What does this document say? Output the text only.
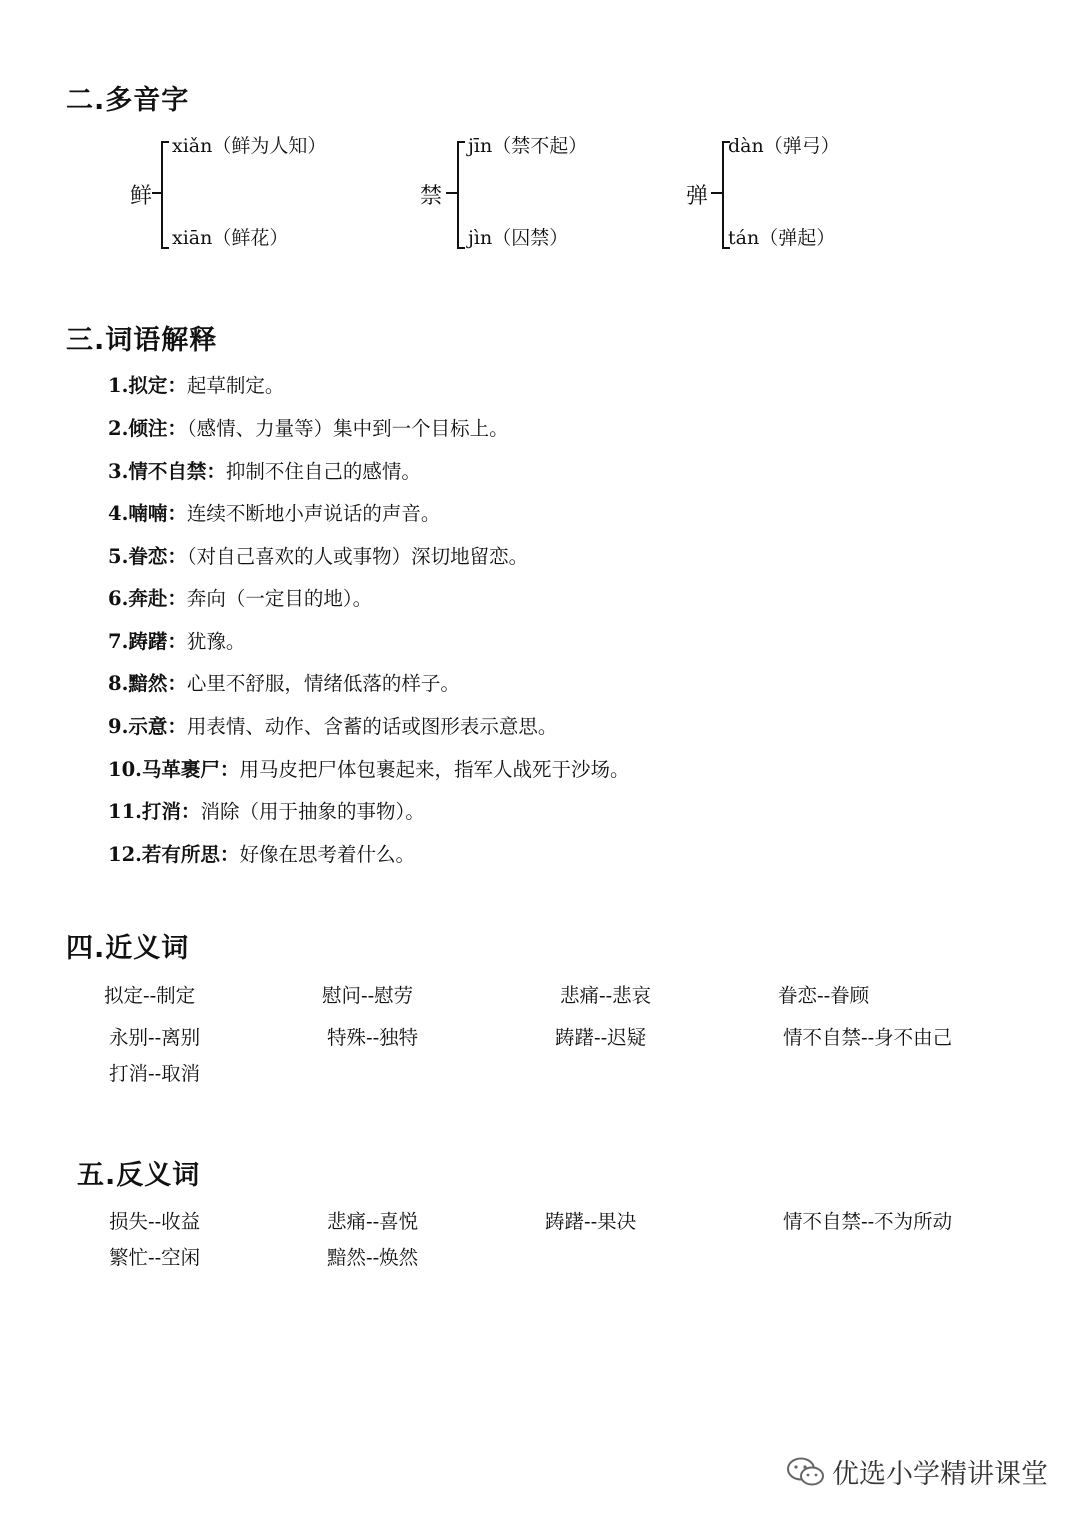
二.多音字
鲜
xiǎn（鲜为人知）
xiān（鲜花）
禁
jīn（禁不起）
jìn（囚禁）
弹
dàn（弹弓）
tán（弹起）
三.词语解释
1.拟定：起草制定。
2.倾注：（感情、力量等）集中到一个目标上。
3.情不自禁：抑制不住自己的感情。
4.喃喃：连续不断地小声说话的声音。
5.眷恋：（对自己喜欢的人或事物）深切地留恋。
6.奔赴：奔向（一定目的地）。
7.踌躇：犹豫。
8.黯然：心里不舒服，情绪低落的样子。
9.示意：用表情、动作、含蓄的话或图形表示意思。
10.马革裹尸：用马皮把尸体包裹起来，指军人战死于沙场。
11.打消：消除（用于抽象的事物）。
12.若有所思：好像在思考着什么。
四.近义词
拟定--制定	慰问--慰劳	悲痛--悲哀	眷恋--眷顾
永别--离别	特殊--独特	踌躇--迟疑	情不自禁--身不由己
打消--取消
五.反义词
损失--收益	悲痛--喜悦	踌躇--果决	情不自禁--不为所动
繁忙--空闲	黯然--焕然
优选小学精讲课堂
